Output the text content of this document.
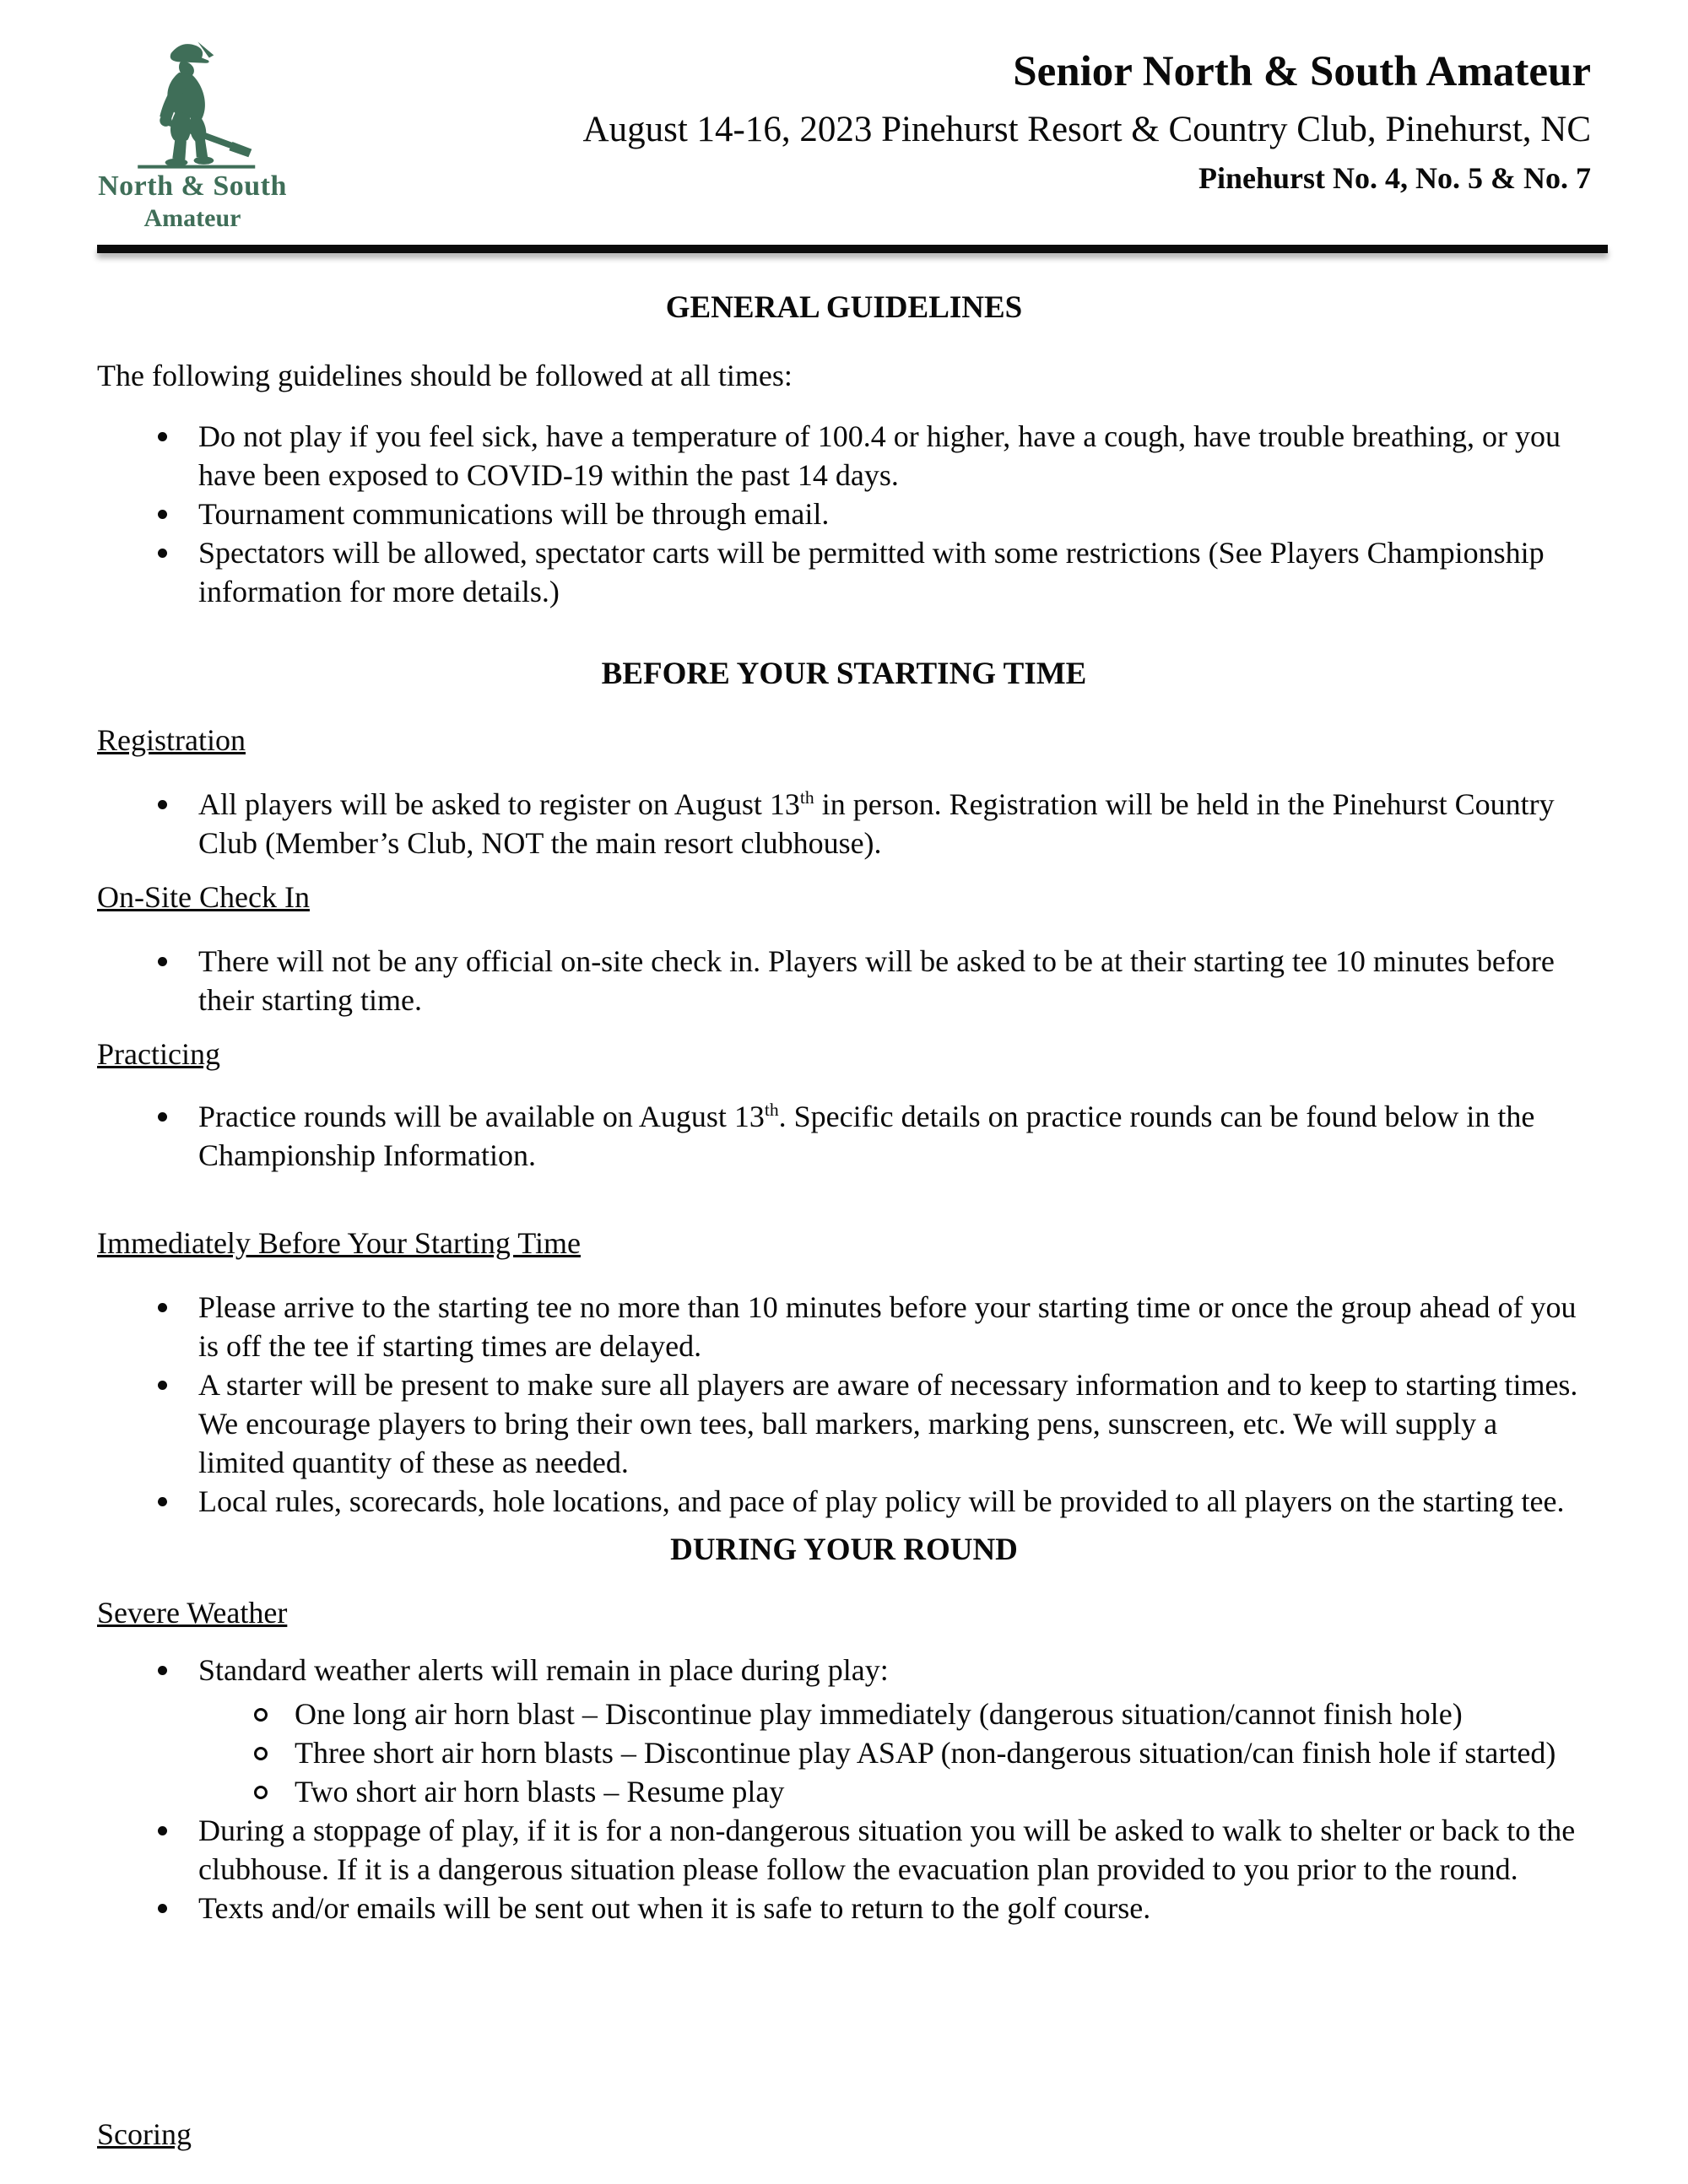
North & South
Amateur
Senior North & South Amateur
August 14-16, 2023 Pinehurst Resort & Country Club, Pinehurst, NC
Pinehurst No. 4, No. 5 & No. 7
GENERAL GUIDELINES

The following guidelines should be followed at all times:

Do not play if you feel sick, have a temperature of 100.4 or higher, have a cough, have trouble breathing, or you have been exposed to COVID-19 within the past 14 days.
Tournament communications will be through email.
Spectators will be allowed, spectator carts will be permitted with some restrictions (See Players Championship information for more details.)
BEFORE YOUR STARTING TIME
Registration
All players will be asked to register on August 13th in person. Registration will be held in the Pinehurst Country Club (Member’s Club, NOT the main resort clubhouse).
On-Site Check In
There will not be any official on-site check in. Players will be asked to be at their starting tee 10 minutes before their starting time.
Practicing
Practice rounds will be available on August 13th. Specific details on practice rounds can be found below in the Championship Information.
Immediately Before Your Starting Time
Please arrive to the starting tee no more than 10 minutes before your starting time or once the group ahead of you is off the tee if starting times are delayed.
A starter will be present to make sure all players are aware of necessary information and to keep to starting times. We encourage players to bring their own tees, ball markers, marking pens, sunscreen, etc. We will supply a limited quantity of these as needed.
Local rules, scorecards, hole locations, and pace of play policy will be provided to all players on the starting tee.
DURING YOUR ROUND
Severe Weather
Standard weather alerts will remain in place during play:
One long air horn blast – Discontinue play immediately (dangerous situation/cannot finish hole)
Three short air horn blasts – Discontinue play ASAP (non-dangerous situation/can finish hole if started)
Two short air horn blasts – Resume play
During a stoppage of play, if it is for a non-dangerous situation you will be asked to walk to shelter or back to the clubhouse. If it is a dangerous situation please follow the evacuation plan provided to you prior to the round.
Texts and/or emails will be sent out when it is safe to return to the golf course.
Scoring
